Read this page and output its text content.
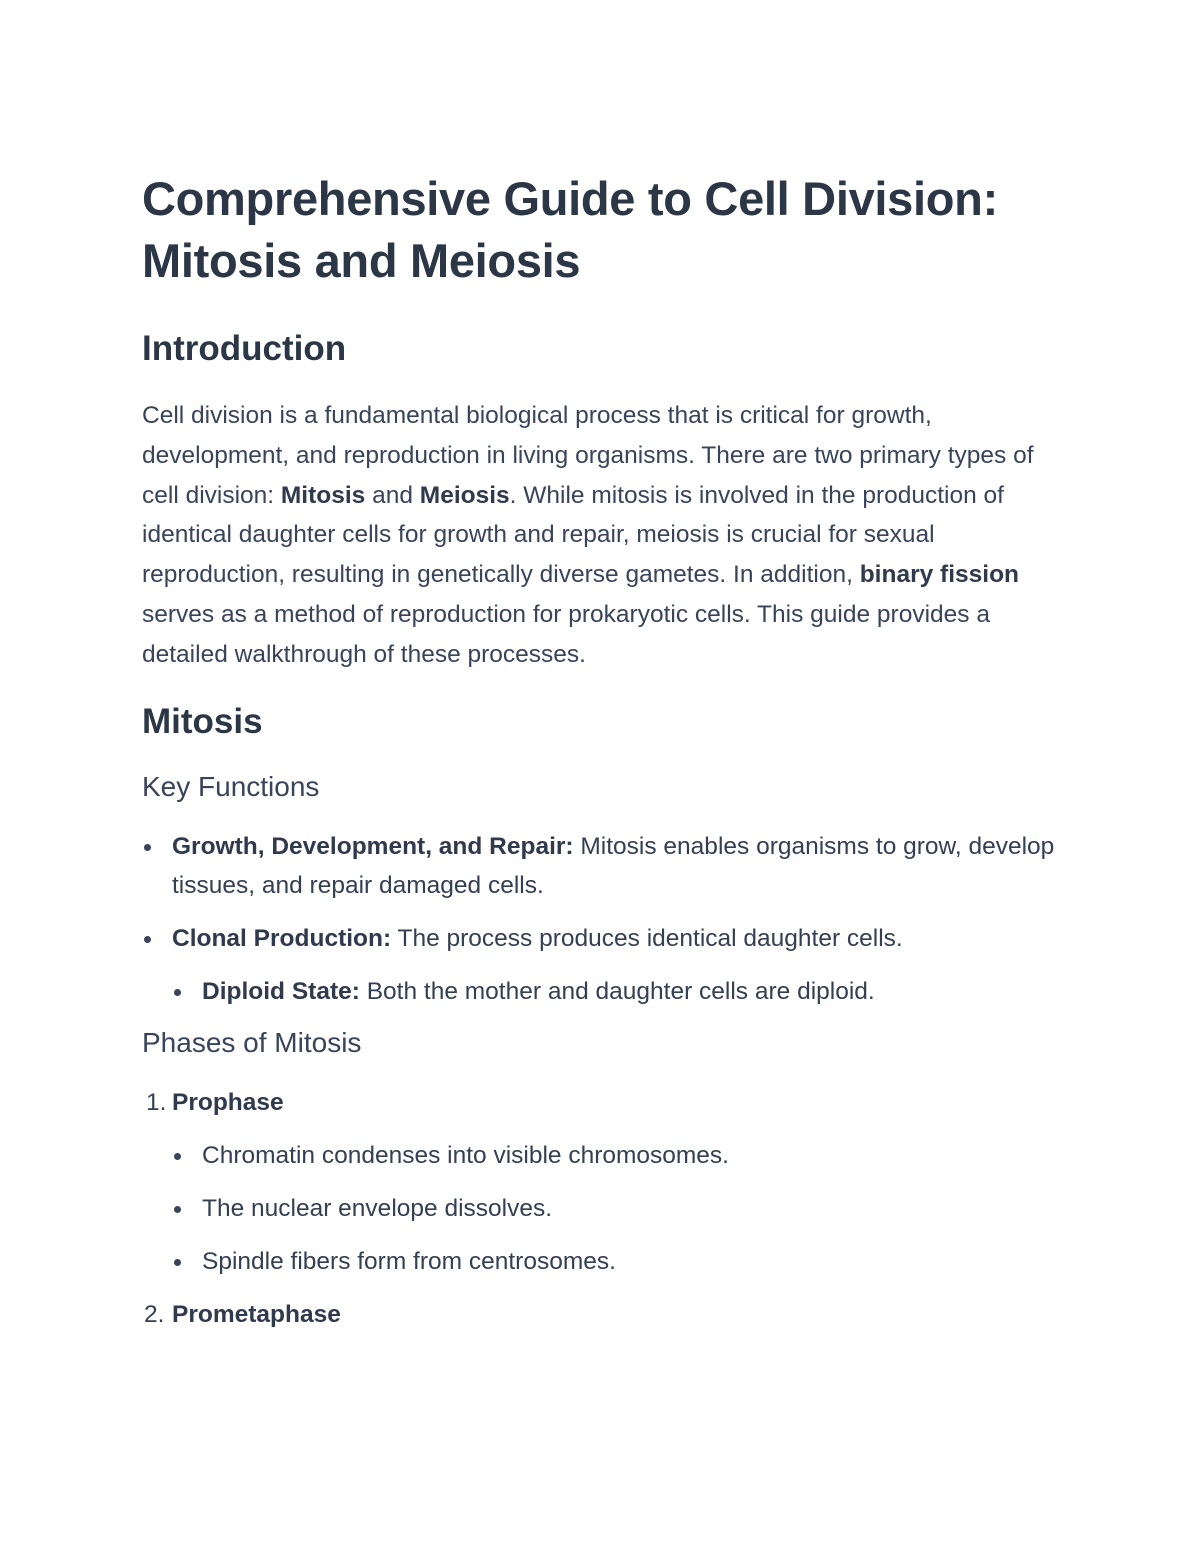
Comprehensive Guide to Cell Division: Mitosis and Meiosis
Introduction

Cell division is a fundamental biological process that is critical for growth, development, and reproduction in living organisms. There are two primary types of cell division: Mitosis and Meiosis. While mitosis is involved in the production of identical daughter cells for growth and repair, meiosis is crucial for sexual reproduction, resulting in genetically diverse gametes. In addition, binary fission serves as a method of reproduction for prokaryotic cells. This guide provides a detailed walkthrough of these processes.

Mitosis
Key Functions
Growth, Development, and Repair: Mitosis enables organisms to grow, develop tissues, and repair damaged cells.
Clonal Production: The process produces identical daughter cells.
Diploid State: Both the mother and daughter cells are diploid.
Phases of Mitosis
1. Prophase
Chromatin condenses into visible chromosomes.
The nuclear envelope dissolves.
Spindle fibers form from centrosomes.
2. Prometaphase
